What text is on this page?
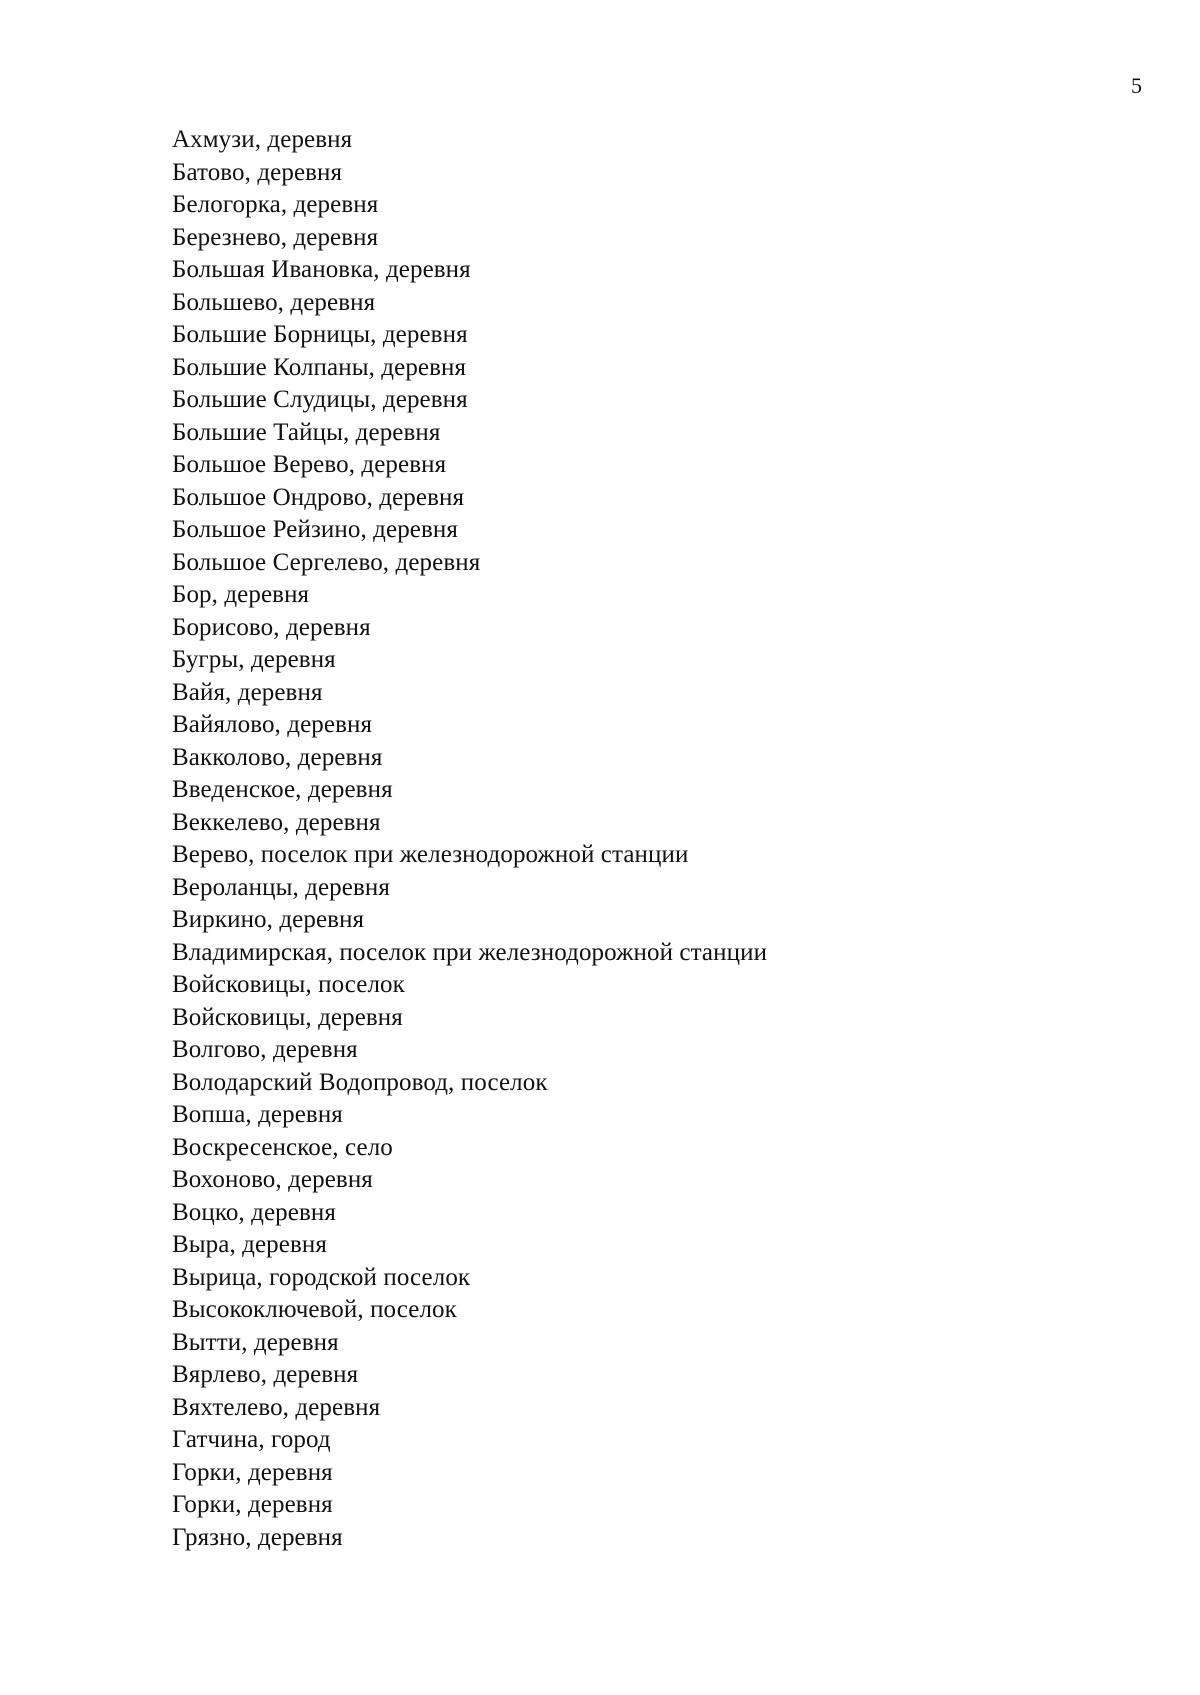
5
Ахмузи, деревня
Батово, деревня
Белогорка, деревня
Березнево, деревня
Большая Ивановка, деревня
Большево, деревня
Большие Борницы, деревня
Большие Колпаны, деревня
Большие Слудицы, деревня
Большие Тайцы, деревня
Большое Верево, деревня
Большое Ондрово, деревня
Большое Рейзино, деревня
Большое Сергелево, деревня
Бор, деревня
Борисово, деревня
Бугры, деревня
Вайя, деревня
Вайялово, деревня
Вакколово, деревня
Введенское, деревня
Веккелево, деревня
Верево, поселок при железнодорожной станции
Вероланцы, деревня
Виркино, деревня
Владимирская, поселок при железнодорожной станции
Войсковицы, поселок
Войсковицы, деревня
Волгово, деревня
Володарский Водопровод, поселок
Вопша, деревня
Воскресенское, село
Вохоново, деревня
Воцко, деревня
Выра, деревня
Вырица, городской поселок
Высокоключевой, поселок
Вытти, деревня
Вярлево, деревня
Вяхтелево, деревня
Гатчина, город
Горки, деревня
Горки, деревня
Грязно, деревня
